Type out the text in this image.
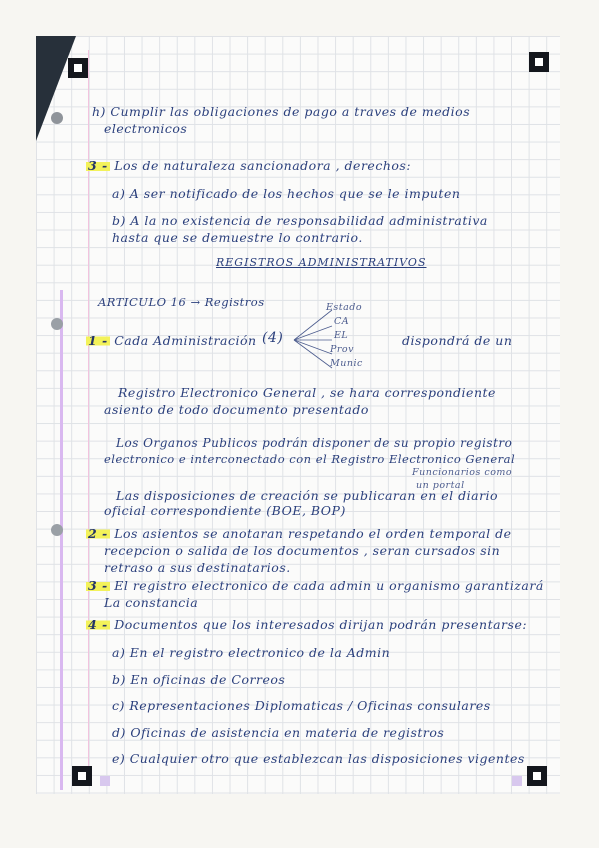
h) Cumplir las obligaciones de pago a traves de medios
electronicos
3 - Los de naturaleza sancionadora , derechos:
a) A ser notificado de los hechos que se le imputen
b) A la no existencia de responsabilidad administrativa
hasta que se demuestre lo contrario.
REGISTROS ADMINISTRATIVOS
ARTICULO 16 → Registros
1 - Cada Administración (4)
Estado
CA
EL
Prov
Munic
dispondrá de un
Registro Electronico General , se hara correspondiente
asiento de todo documento presentado
Los Organos Publicos podrán disponer de su propio registro
electronico e interconectado con el Registro Electronico General
Funcionarios como
un portal
Las disposiciones de creación se publicaran en el diario
oficial correspondiente (BOE, BOP)
2 - Los asientos se anotaran respetando el orden temporal de
recepcion o salida de los documentos , seran cursados sin
retraso a sus destinatarios.
3 - El registro electronico de cada admin u organismo garantizará
La constancia
4 - Documentos que los interesados dirijan podrán presentarse:
a) En el registro electronico de la Admin
b) En oficinas de Correos
c) Representaciones Diplomaticas / Oficinas consulares
d) Oficinas de asistencia en materia de registros
e) Cualquier otro que establezcan las disposiciones vigentes
